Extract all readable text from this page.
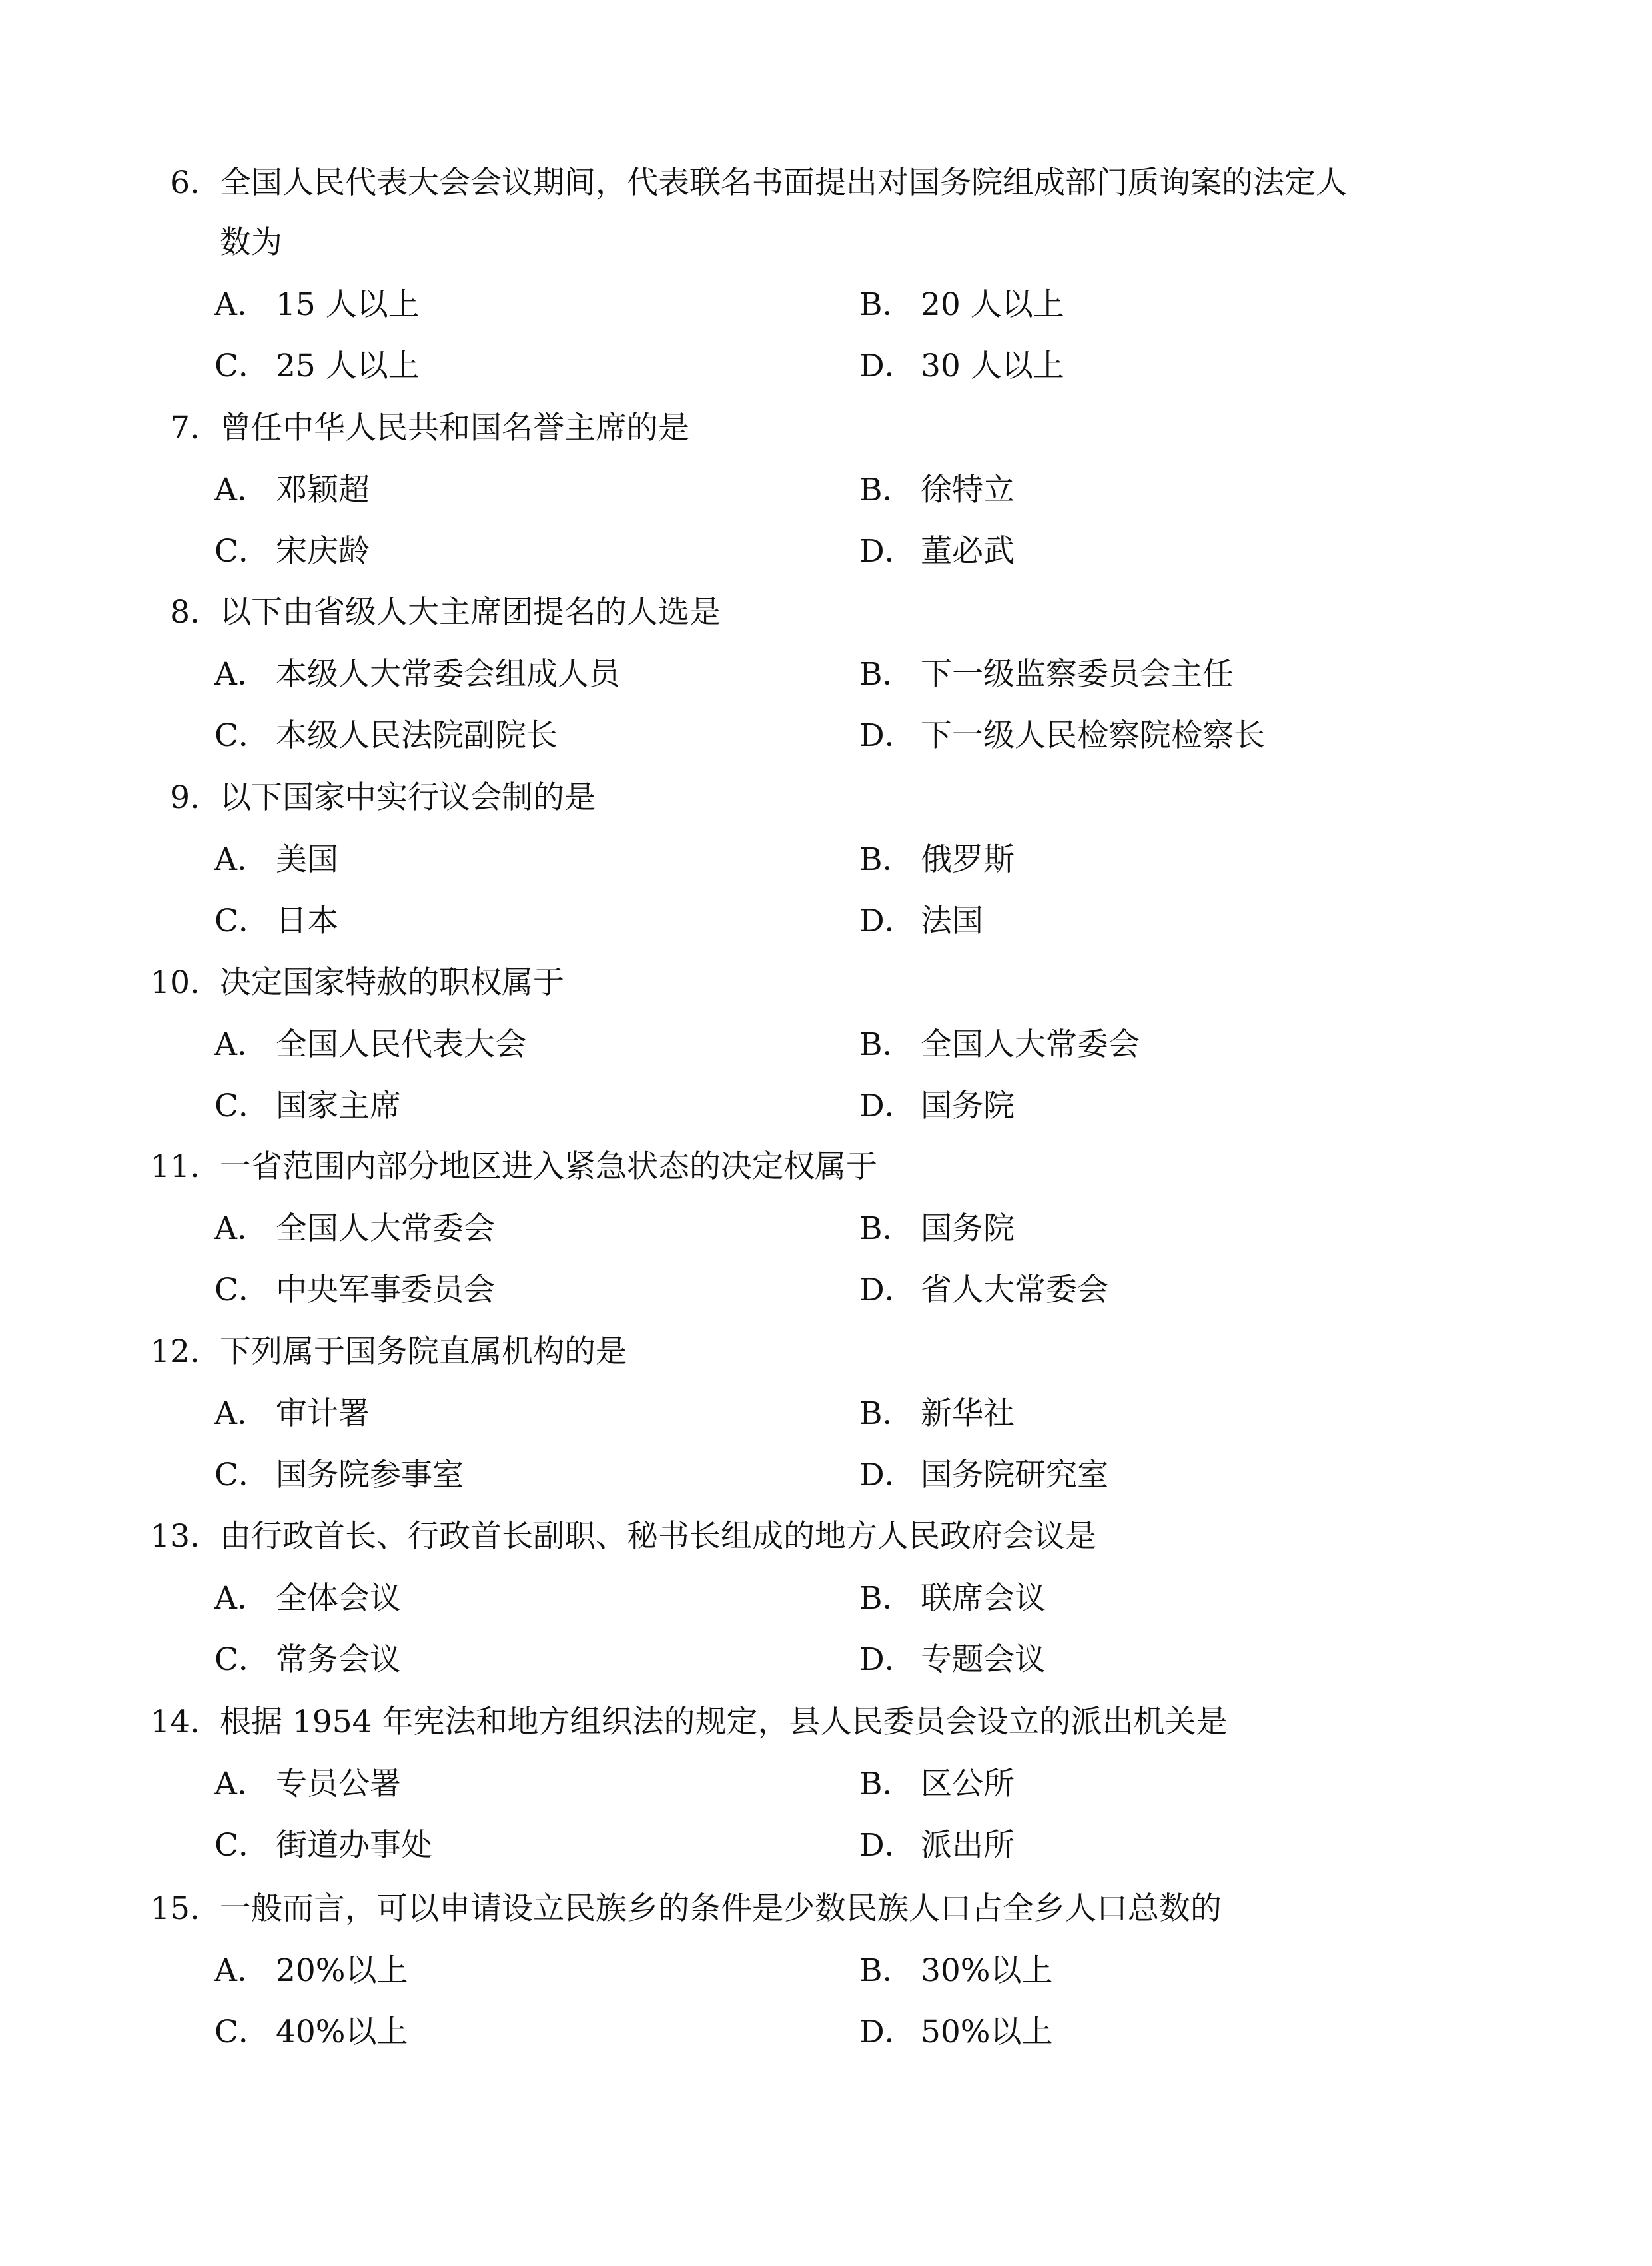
6. 全国人民代表大会会议期间，代表联名书面提出对国务院组成部门质询案的法定人
数为
A． 15 人以上	B． 20 人以上
C． 25 人以上	D． 30 人以上
7. 曾任中华人民共和国名誉主席的是
A． 邓颖超	B． 徐特立
C． 宋庆龄	D． 董必武
8. 以下由省级人大主席团提名的人选是
A． 本级人大常委会组成人员	B． 下一级监察委员会主任
C． 本级人民法院副院长	D． 下一级人民检察院检察长
9. 以下国家中实行议会制的是
A． 美国	B． 俄罗斯
C． 日本	D． 法国
10. 决定国家特赦的职权属于
A． 全国人民代表大会	B． 全国人大常委会
C． 国家主席	D． 国务院
11. 一省范围内部分地区进入紧急状态的决定权属于
A． 全国人大常委会	B． 国务院
C． 中央军事委员会	D． 省人大常委会
12. 下列属于国务院直属机构的是
A． 审计署	B． 新华社
C． 国务院参事室	D． 国务院研究室
13. 由行政首长、行政首长副职、秘书长组成的地方人民政府会议是
A． 全体会议	B． 联席会议
C． 常务会议	D． 专题会议
14. 根据 1954 年宪法和地方组织法的规定，县人民委员会设立的派出机关是
A． 专员公署	B． 区公所
C． 街道办事处	D． 派出所
15. 一般而言，可以申请设立民族乡的条件是少数民族人口占全乡人口总数的
A． 20%以上	B． 30%以上
C． 40%以上	D． 50%以上
